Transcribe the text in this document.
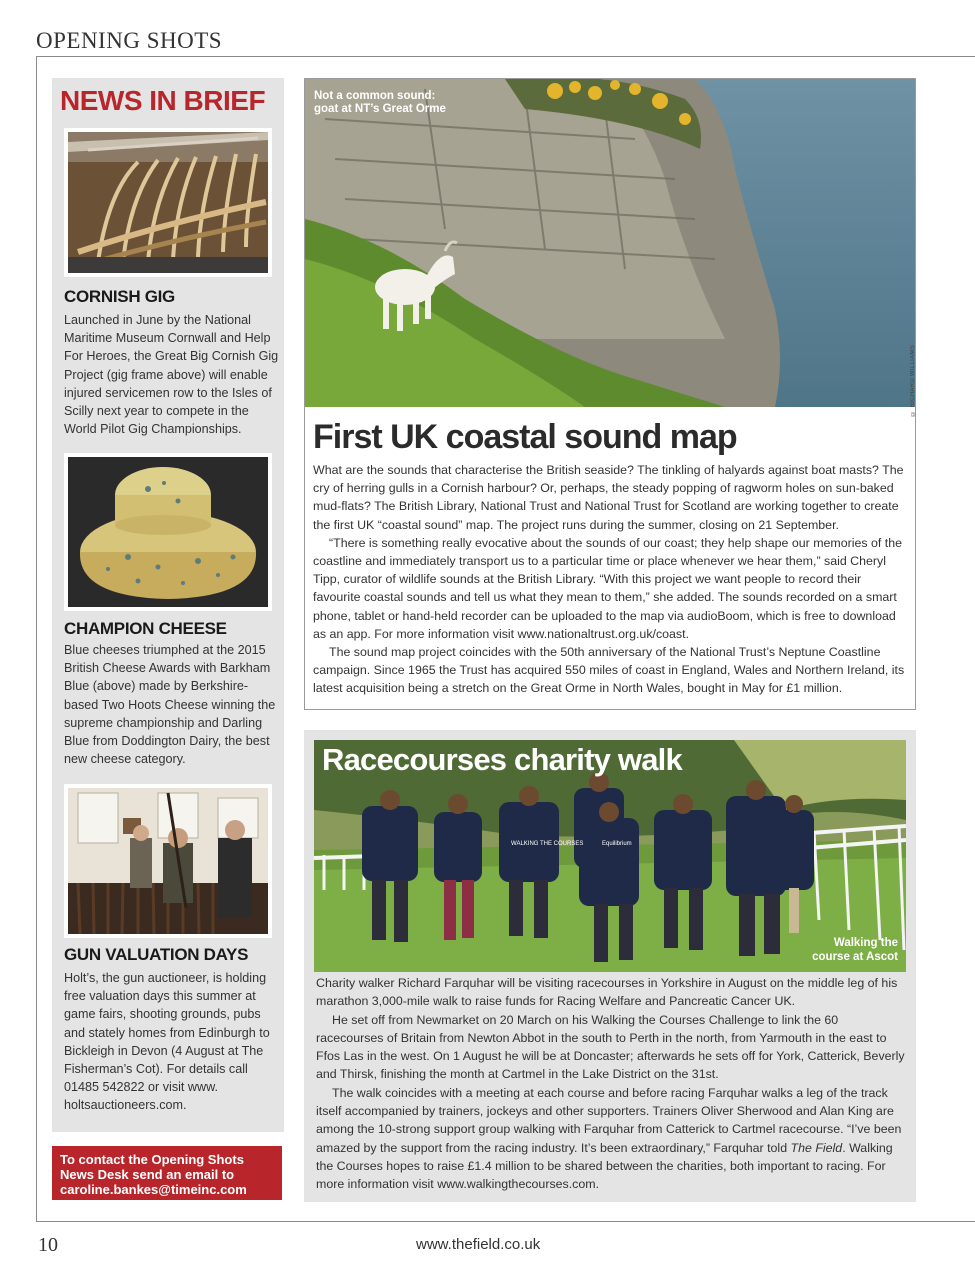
OPENING SHOTS
NEWS IN BRIEF
CORNISH GIG
Launched in June by the National Maritime Museum Cornwall and Help For Heroes, the Great Big Cornish Gig Project (gig frame above) will enable injured servicemen row to the Isles of Scilly next year to compete in the World Pilot Gig Championships.
CHAMPION CHEESE
Blue cheeses triumphed at the 2015 British Cheese Awards with Barkham Blue (above) made by Berkshire-based Two Hoots Cheese winning the supreme championship and Darling Blue from Doddington Dairy, the best new cheese category.
GUN VALUATION DAYS
Holt’s, the gun auctioneer, is holding free valuation days this summer at game fairs, shooting grounds, pubs and stately homes from Edinburgh to Bickleigh in Devon (4 August at The Fisherman’s Cot). For details call 01485 542822 or visit www. holtsauctioneers.com.
To contact the Opening Shots News Desk send an email to caroline.bankes@timeinc.com
Not a common sound:
goat at NT’s Great Orme
First UK coastal sound map

What are the sounds that characterise the British seaside? The tinkling of halyards against boat masts? The cry of herring gulls in a Cornish harbour? Or, perhaps, the steady popping of ragworm holes on sun-baked mud-flats? The British Library, National Trust and National Trust for Scotland are working together to create the first UK “coastal sound” map. The project runs during the summer, closing on 21 September.

“There is something really evocative about the sounds of our coast; they help shape our memories of the coastline and immediately transport us to a particular time or place whenever we hear them,” said Cheryl Tipp, curator of wildlife sounds at the British Library. “With this project we want people to record their favourite coastal sounds and tell us what they mean to them,” she added. The sounds recorded on a smart phone, tablet or hand-held recorder can be uploaded to the map via audioBoom, which is free to download as an app. For more information visit www.nationaltrust.org.uk/coast.

The sound map project coincides with the 50th anniversary of the National Trust’s Neptune Coastline campaign. Since 1965 the Trust has acquired 550 miles of coast in England, Wales and Northern Ireland, its latest acquisition being a stretch on the Great Orme in North Wales, bought in May for £1 million.

© RICHARD WILLIAMS
WALKING THE COURSES	Equilibrium
Racecourses charity walk
Walking the
course at Ascot

Charity walker Richard Farquhar will be visiting racecourses in Yorkshire in August on the middle leg of his marathon 3,000-mile walk to raise funds for Racing Welfare and Pancreatic Cancer UK.

He set off from Newmarket on 20 March on his Walking the Courses Challenge to link the 60 racecourses of Britain from Newton Abbot in the south to Perth in the north, from Yarmouth in the east to Ffos Las in the west. On 1 August he will be at Doncaster; afterwards he sets off for York, Catterick, Beverly and Thirsk, finishing the month at Cartmel in the Lake District on the 31st.

The walk coincides with a meeting at each course and before racing Farquhar walks a leg of the track itself accompanied by trainers, jockeys and other supporters. Trainers Oliver Sherwood and Alan King are among the 10-strong support group walking with Farquhar from Catterick to Cartmel racecourse. “I’ve been amazed by the support from the racing industry. It’s been extraordinary,” Farquhar told The Field. Walking the Courses hopes to raise £1.4 million to be shared between the charities, both important to racing. For more information visit www.walkingthecourses.com.

10	www.thefield.co.uk
